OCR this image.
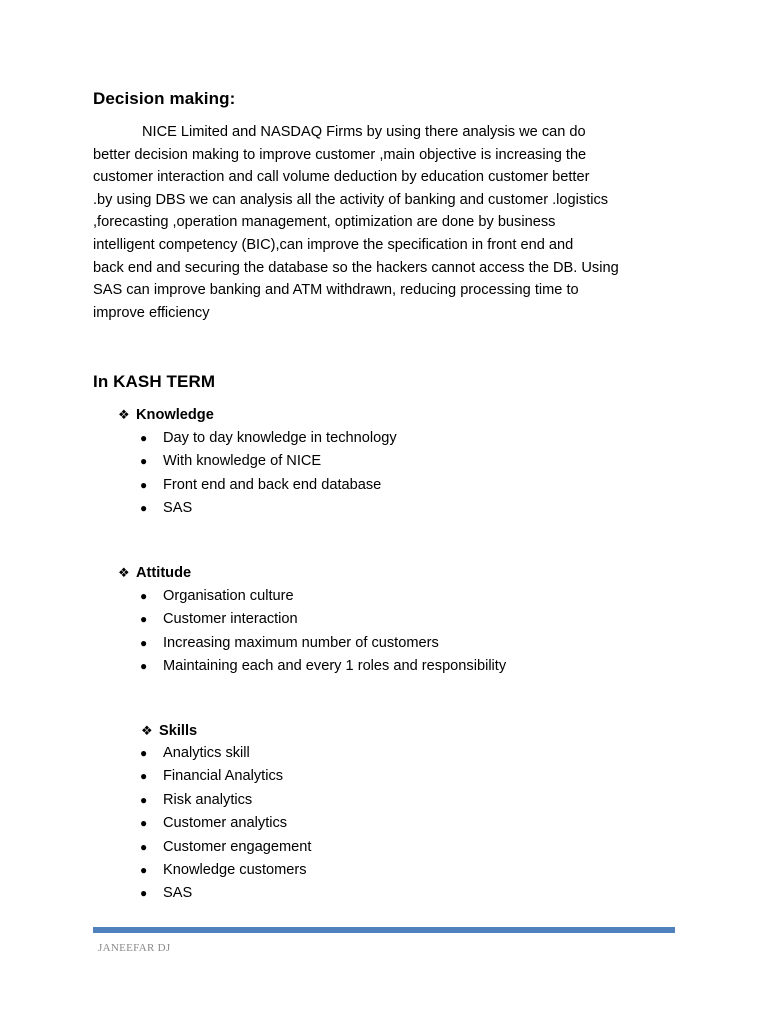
Decision making:
NICE Limited and NASDAQ Firms by using there analysis we can do
better decision making to improve customer ,main objective is increasing the
customer interaction and call volume deduction by education customer better
.by using DBS we can analysis all the activity of banking and customer .logistics
,forecasting ,operation management, optimization are done by business
intelligent competency (BIC),can improve the specification in front end and
back end and securing the database so the hackers cannot access the DB. Using
SAS can improve banking and ATM withdrawn, reducing processing time to
improve efficiency
In KASH TERM
❖ Knowledge
● Day to day knowledge in technology
● With knowledge of NICE
● Front end and back end database
● SAS
❖ Attitude
● Organisation culture
● Customer interaction
● Increasing maximum number of customers
● Maintaining each and every 1 roles and responsibility
❖ Skills
● Analytics skill
● Financial Analytics
● Risk analytics
● Customer analytics
● Customer engagement
● Knowledge customers
● SAS
JANEEFAR DJ
